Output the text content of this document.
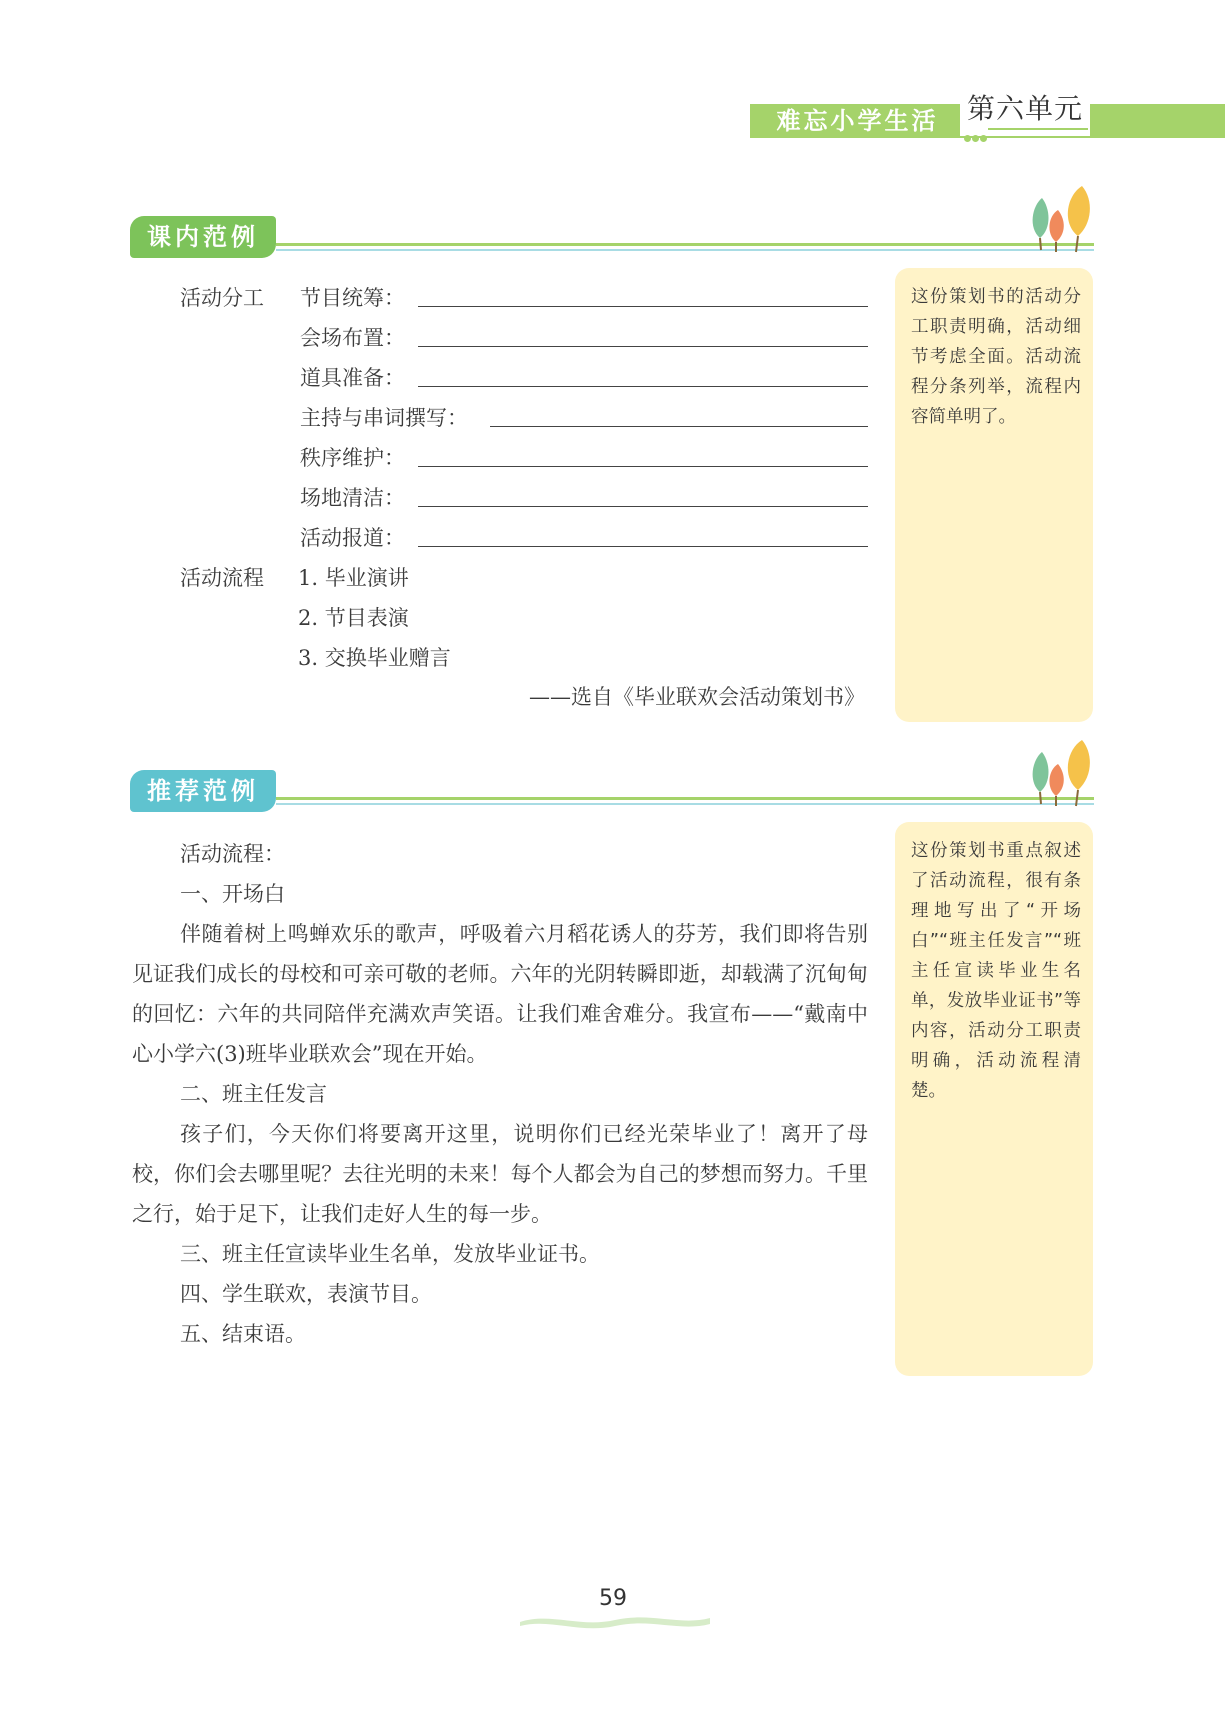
难忘小学生活 第六单元
课内范例
这份策划书的活动分工职责明确，活动细节考虑全面。活动流程分条列举，流程内容简单明了。
活动分工 节目统筹：
会场布置：
道具准备：
主持与串词撰写：
秩序维护：
场地清洁：
活动报道：
活动流程 1. 毕业演讲
2. 节目表演
3. 交换毕业赠言
——选自《毕业联欢会活动策划书》
推荐范例
这份策划书重点叙述了活动流程，很有条理地写出了“开场白”“班主任发言”“班主任宣读毕业生名单，发放毕业证书”等内容，活动分工职责明确，活动流程清楚。
活动流程：
一、开场白
伴随着树上鸣蝉欢乐的歌声，呼吸着六月稻花诱人的芬芳，我们即将告别见证我们成长的母校和可亲可敬的老师。六年的光阴转瞬即逝，却载满了沉甸甸的回忆：六年的共同陪伴充满欢声笑语。让我们难舍难分。我宣布——“戴南中心小学六(3)班毕业联欢会”现在开始。
二、班主任发言
孩子们，今天你们将要离开这里，说明你们已经光荣毕业了！离开了母校，你们会去哪里呢？去往光明的未来！每个人都会为自己的梦想而努力。千里之行，始于足下，让我们走好人生的每一步。
三、班主任宣读毕业生名单，发放毕业证书。
四、学生联欢，表演节目。
五、结束语。
59
